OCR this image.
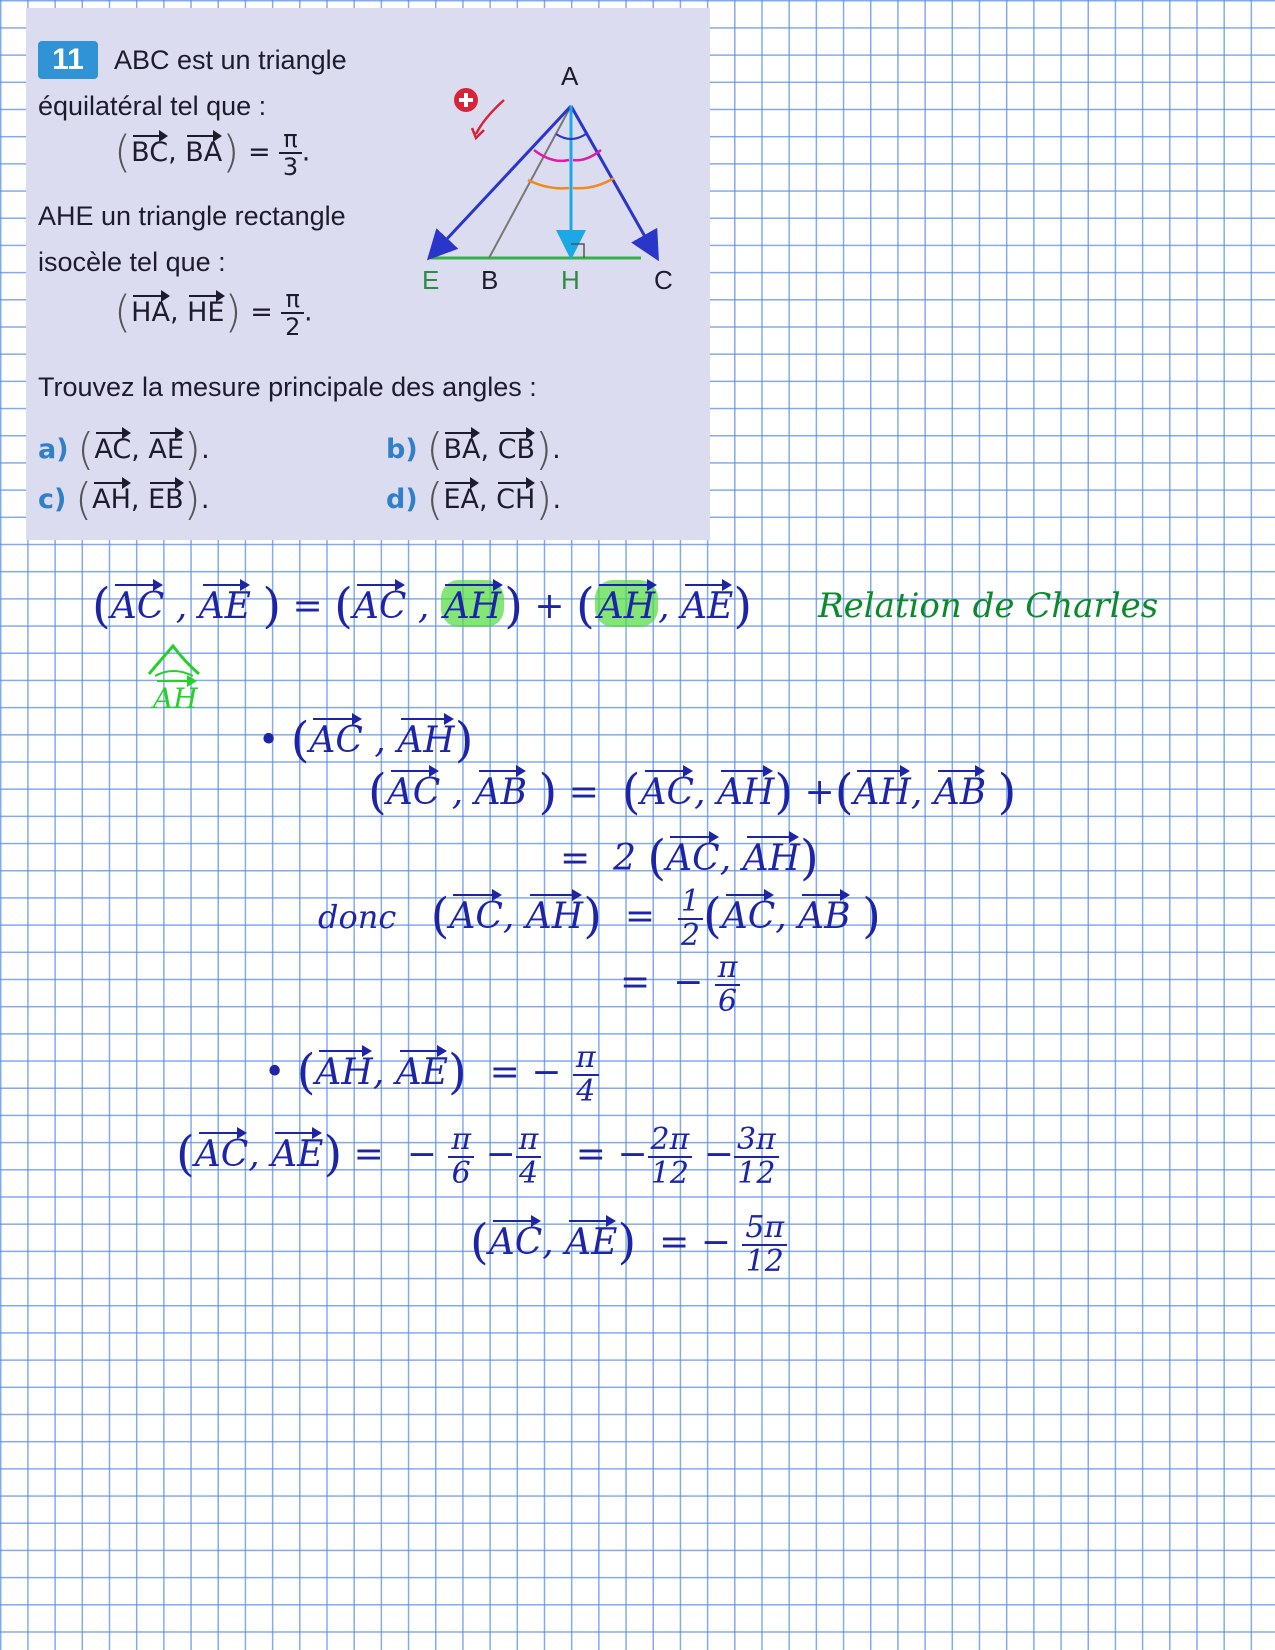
11	ABC est un triangle
équilatéral tel que :
(BC, $BA) = \frac{\pi}{3}$ .
AHE un triangle rectangle
isocèle tel que :
(HA, $HE) = \frac{\pi}{2}$ .
Trouvez la mesure principale des angles :
a) (AC, AE).	b) (BA, CB).
c) (AH, EB).	d) (EA, CH).
A
E B H	C
(AC , AE ) = (AC , AH) + (AH, AE) Relation de Charles
AH
• (AC , AH)
(AC , AB ) = (AC, AH) +(AH, AB )
= 2 (AC, AH)
donc (AC, $AH) = \frac{1}{2} (AC$, AB )
= − $\frac{\pi}{6}$
• (AH, AE) = − $\frac{\pi}{4}$
(AC, AE) = − $\frac{\pi}{6} - \frac{\pi}{4}$ = − $\frac{2\pi}{12} - \frac{3\pi}{12}$
(AC, AE) = − $\frac{5\pi}{12}$
